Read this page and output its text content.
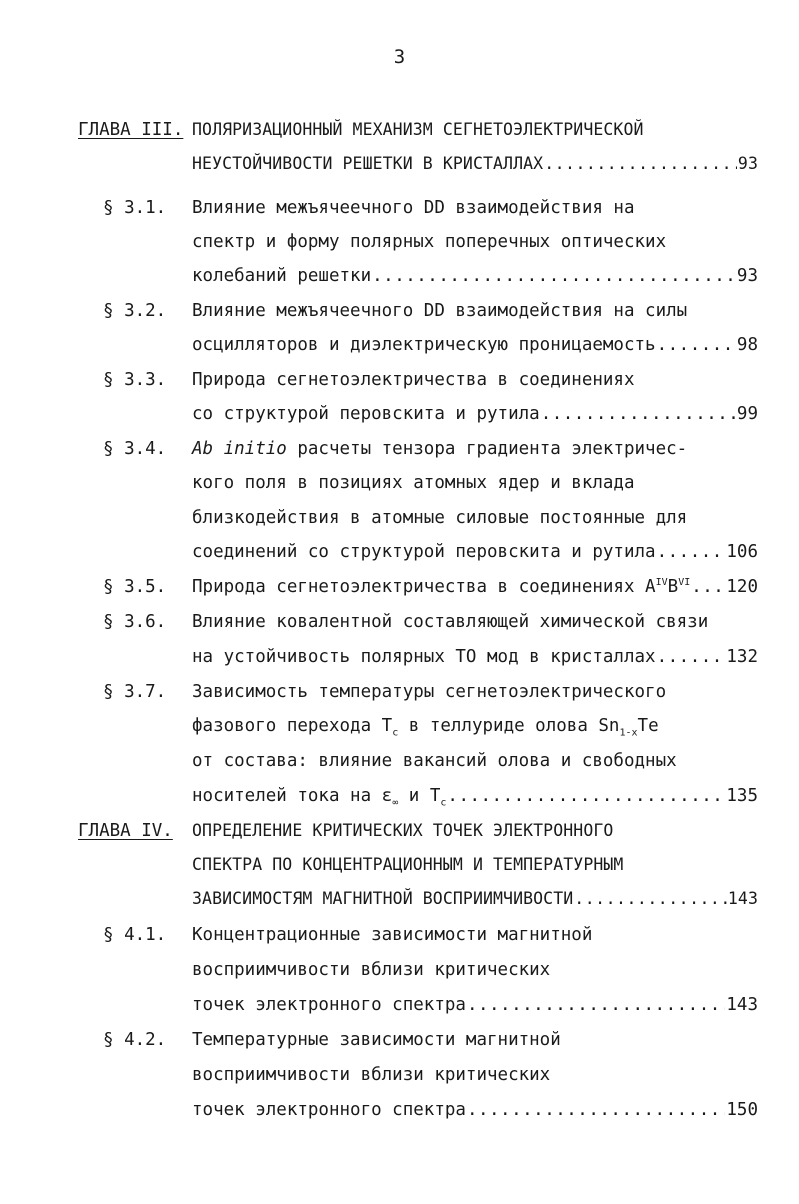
3
ГЛАВА III. ПОЛЯРИЗАЦИОННЫЙ МЕХАНИЗМ СЕГНЕТОЭЛЕКТРИЧЕСКОЙ
НЕУСТОЙЧИВОСТИ РЕШЕТКИ В КРИСТАЛЛАХ .....	93
§ 3.1. Влияние межъячеечного DD взаимодействия на
спектр и форму полярных поперечных оптических
колебаний решетки .....	93
§ 3.2. Влияние межъячеечного DD взаимодействия на силы
осцилляторов и диэлектрическую проницаемость .....	98
§ 3.3. Природа сегнетоэлектричества в соединениях
со структурой перовскита и рутила .....	99
§ 3.4. Ab initio расчеты тензора градиента электричес-
кого поля в позициях атомных ядер и вклада
близкодействия в атомные силовые постоянные для
соединений со структурой перовскита и рутила .....	106
§ 3.5. Природа сегнетоэлектричества в соединениях $A^{IV}B^{VI}$ ..... 120
§ 3.6. Влияние ковалентной составляющей химической связи
на устойчивость полярных ТО мод в кристаллах .....	132
§ 3.7. Зависимость температуры сегнетоэлектрического
фазового перехода $T_c$ в теллуриде олова $Sn_{1-x}Te$
от состава: влияние вакансий олова и свободных
носителей тока на $\varepsilon_\infty$ и $T_c$ .....	135
ГЛАВА IV. ОПРЕДЕЛЕНИЕ КРИТИЧЕСКИХ ТОЧЕК ЭЛЕКТРОННОГО
СПЕКТРА ПО КОНЦЕНТРАЦИОННЫМ И ТЕМПЕРАТУРНЫМ
ЗАВИСИМОСТЯМ МАГНИТНОЙ ВОСПРИИМЧИВОСТИ .....	143
§ 4.1. Концентрационные зависимости магнитной
восприимчивости вблизи критических
точек электронного спектра .....	143
§ 4.2. Температурные зависимости магнитной
восприимчивости вблизи критических
точек электронного спектра .....	150
